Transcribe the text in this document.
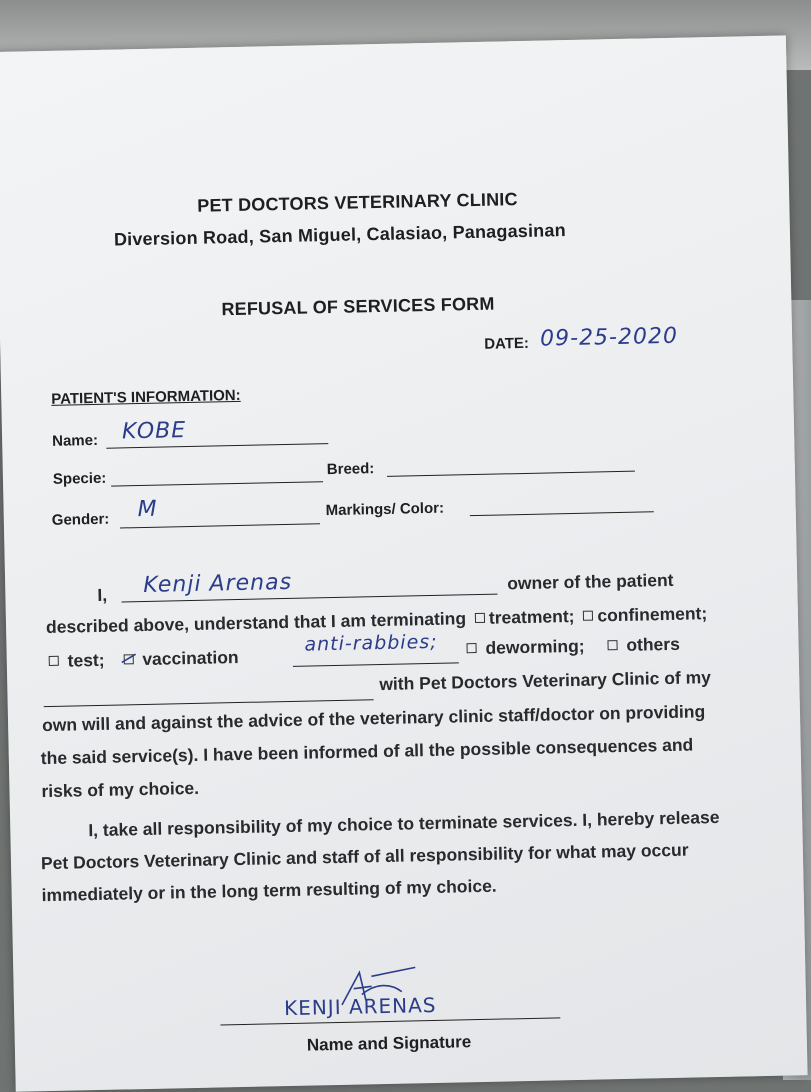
PET DOCTORS VETERINARY CLINIC
Diversion Road, San Miguel, Calasiao, Panagasinan
REFUSAL OF SERVICES FORM
DATE: 09-25-2020
PATIENT'S INFORMATION:
Name: KOBE
Specie:
Breed:
Gender: M	Markings/ Color:
I, Kenji Arenas	owner of the patient
described above, understand that I am terminating treatment; confinement;
test; vaccination
anti-rabbies;	deworming; others
with Pet Doctors Veterinary Clinic of my
own will and against the advice of the veterinary clinic staff/doctor on providing
the said service(s). I have been informed of all the possible consequences and
risks of my choice.
I, take all responsibility of my choice to terminate services. I, hereby release
Pet Doctors Veterinary Clinic and staff of all responsibility for what may occur
immediately or in the long term resulting of my choice.
KENJI ARENAS
Name and Signature
